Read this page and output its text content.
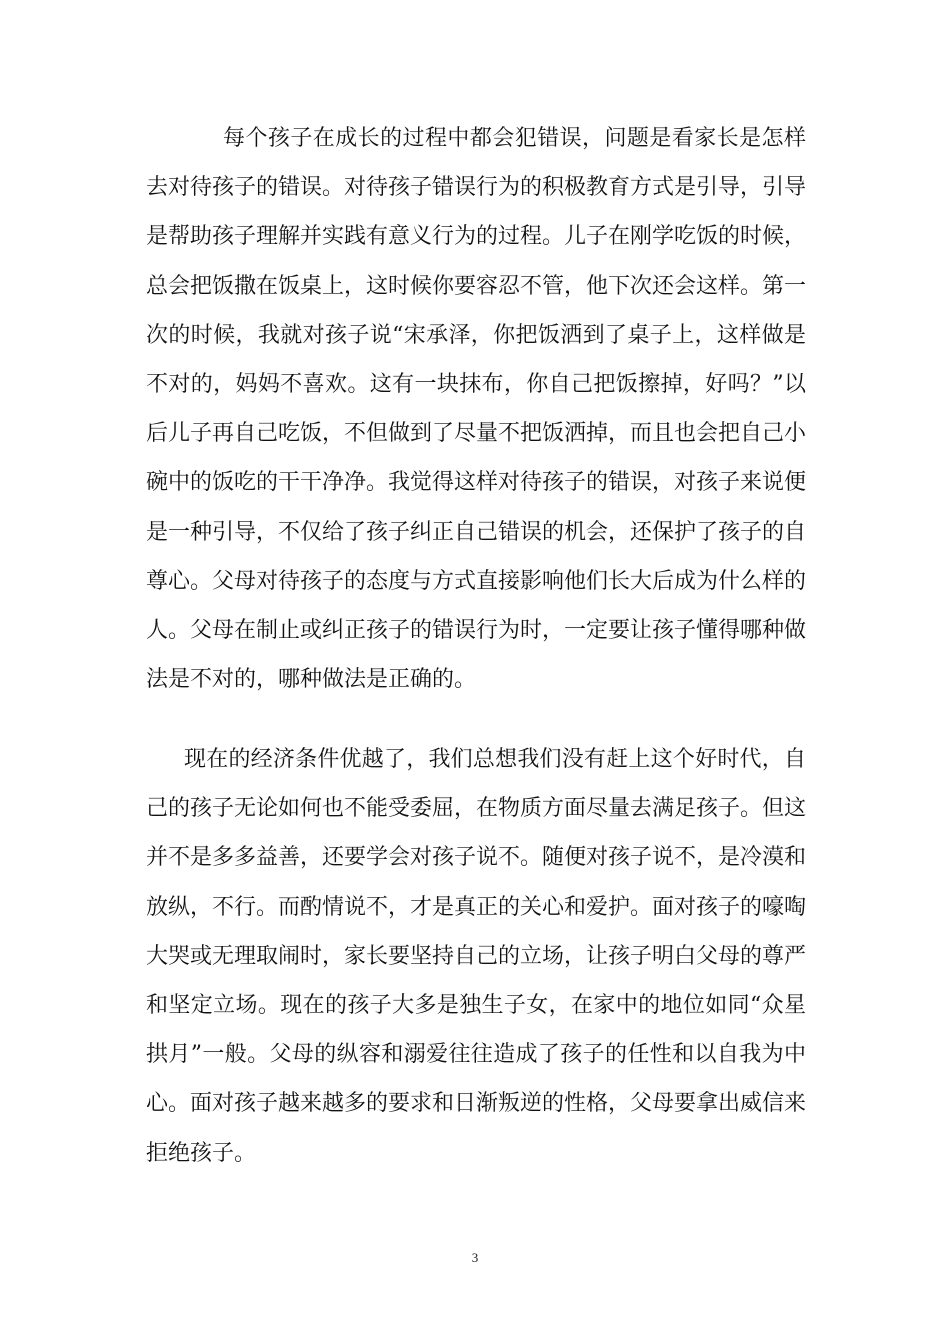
每个孩子在成长的过程中都会犯错误，问题是看家长是怎样去对待孩子的错误。对待孩子错误行为的积极教育方式是引导，引导是帮助孩子理解并实践有意义行为的过程。儿子在刚学吃饭的时候，总会把饭撒在饭桌上，这时候你要容忍不管，他下次还会这样。第一次的时候，我就对孩子说“宋承泽，你把饭洒到了桌子上，这样做是不对的，妈妈不喜欢。这有一块抹布，你自己把饭擦掉，好吗？”以后儿子再自己吃饭，不但做到了尽量不把饭洒掉，而且也会把自己小碗中的饭吃的干干净净。我觉得这样对待孩子的错误，对孩子来说便是一种引导，不仅给了孩子纠正自己错误的机会，还保护了孩子的自尊心。父母对待孩子的态度与方式直接影响他们长大后成为什么样的人。父母在制止或纠正孩子的错误行为时，一定要让孩子懂得哪种做法是不对的，哪种做法是正确的。

现在的经济条件优越了，我们总想我们没有赶上这个好时代，自己的孩子无论如何也不能受委屈，在物质方面尽量去满足孩子。但这并不是多多益善，还要学会对孩子说不。随便对孩子说不，是冷漠和放纵，不行。而酌情说不，才是真正的关心和爱护。面对孩子的嚎啕大哭或无理取闹时，家长要坚持自己的立场，让孩子明白父母的尊严和坚定立场。现在的孩子大多是独生子女，在家中的地位如同“众星拱月”一般。父母的纵容和溺爱往往造成了孩子的任性和以自我为中心。面对孩子越来越多的要求和日渐叛逆的性格，父母要拿出威信来拒绝孩子。

3
